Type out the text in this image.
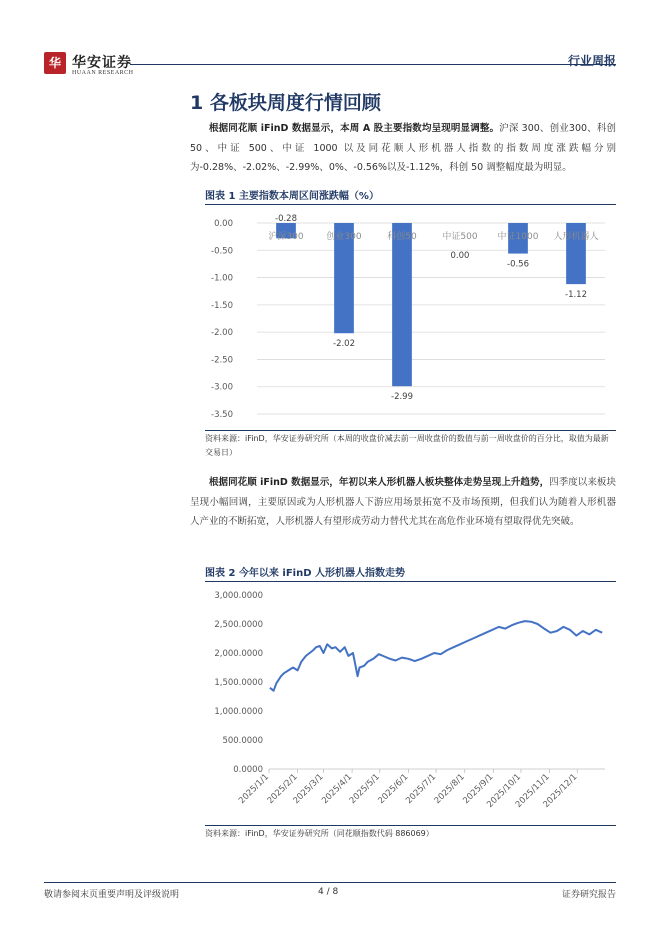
华 华安证券
HUAAN RESEARCH
行业周报
1 各板块周度行情回顾
根据同花顺 iFinD 数据显示，本周 A 股主要指数均呈现明显调整。沪深 300、创业300、科创 50、中证 500、中证 1000 以及同花顺人形机器人指数的指数周度涨跌幅分别为-0.28%、-2.02%、-2.99%、0%、-0.56%以及-1.12%，科创 50 调整幅度最为明显。
图表 1 主要指数本周区间涨跌幅（%）
0.00
-0.50
-1.00
-1.50
-2.00
-2.50
-3.00
-3.50
沪深300
-0.28
创业300
-2.02
科创50
-2.99
中证500
0.00
中证1000
-0.56
人形机器人
-1.12
资料来源：iFinD，华安证券研究所（本周的收盘价减去前一周收盘价的数值与前一周收盘价的百分比，取值为最新交易日）
根据同花顺 iFinD 数据显示，年初以来人形机器人板块整体走势呈现上升趋势，四季度以来板块呈现小幅回调，主要原因或为人形机器人下游应用场景拓宽不及市场预期，但我们认为随着人形机器人产业的不断拓宽，人形机器人有望形成劳动力替代尤其在高危作业环境有望取得优先突破。
图表 2 今年以来 iFinD 人形机器人指数走势
3,000.0000
2,500.0000
2,000.0000
1,500.0000
1,000.0000
500.0000
0.0000
2025/1/1
2025/2/1
2025/3/1
2025/4/1
2025/5/1
2025/6/1
2025/7/1
2025/8/1
2025/9/1
2025/10/1
2025/11/1
2025/12/1
资料来源：iFinD，华安证券研究所（同花顺指数代码 886069）
敬请参阅末页重要声明及评级说明	4 / 8	证券研究报告
